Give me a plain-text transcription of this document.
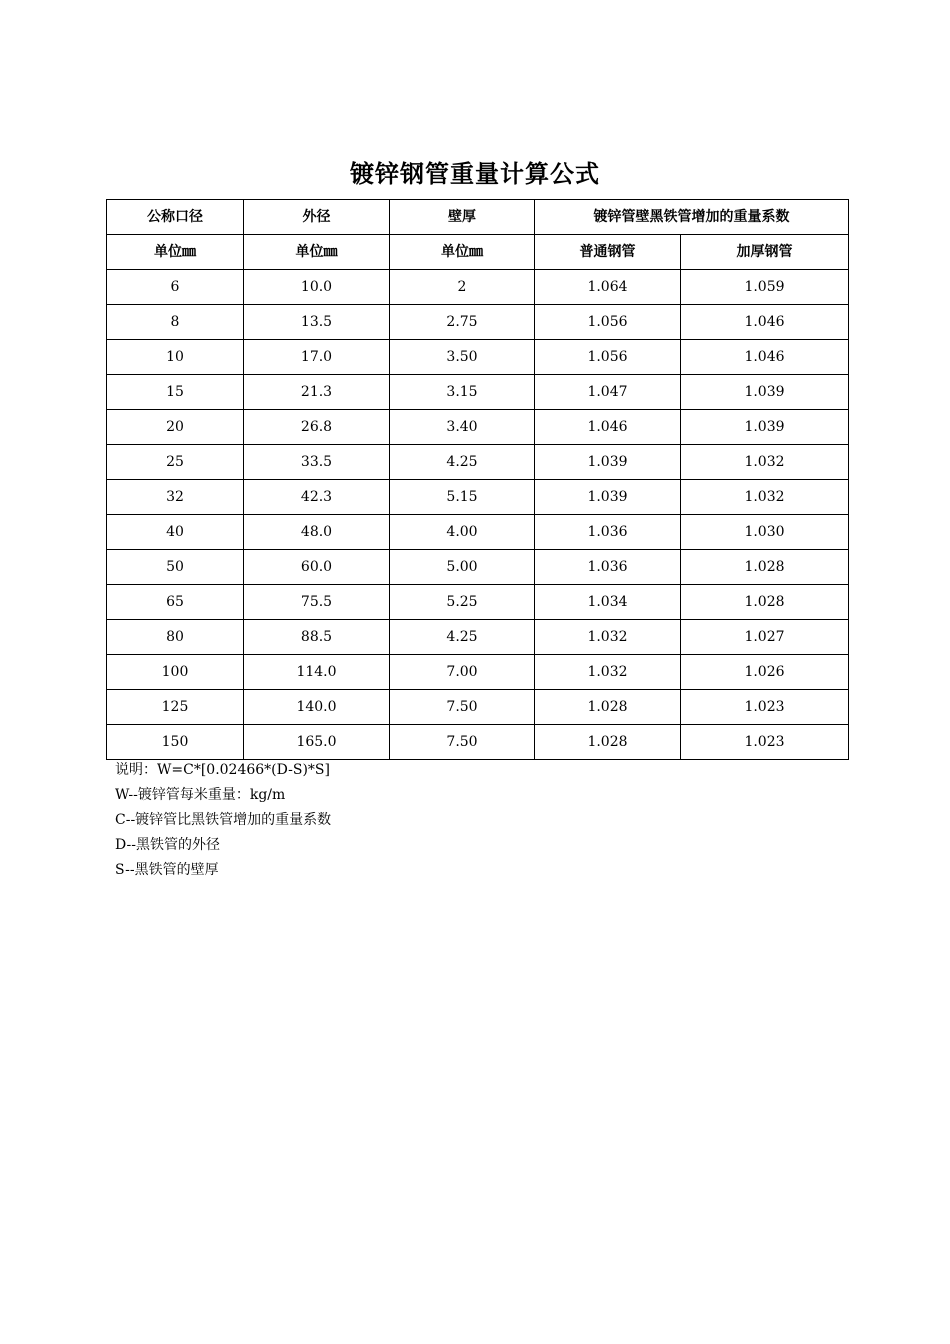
镀锌钢管重量计算公式
公称口径	外径	壁厚	镀锌管壁黑铁管增加的重量系数	
单位㎜	单位㎜	单位㎜	普通钢管	加厚钢管
6	10.0	2	1.064	1.059
8	13.5	2.75	1.056	1.046
10	17.0	3.50	1.056	1.046
15	21.3	3.15	1.047	1.039
20	26.8	3.40	1.046	1.039
25	33.5	4.25	1.039	1.032
32	42.3	5.15	1.039	1.032
40	48.0	4.00	1.036	1.030
50	60.0	5.00	1.036	1.028
65	75.5	5.25	1.034	1.028
80	88.5	4.25	1.032	1.027
100	114.0	7.00	1.032	1.026
125	140.0	7.50	1.028	1.023
150	165.0	7.50	1.028	1.023
说明：W=C*[0.02466*(D-S)*S]
W--镀锌管每米重量：kg/m
C--镀锌管比黑铁管增加的重量系数
D--黑铁管的外径
S--黑铁管的壁厚
